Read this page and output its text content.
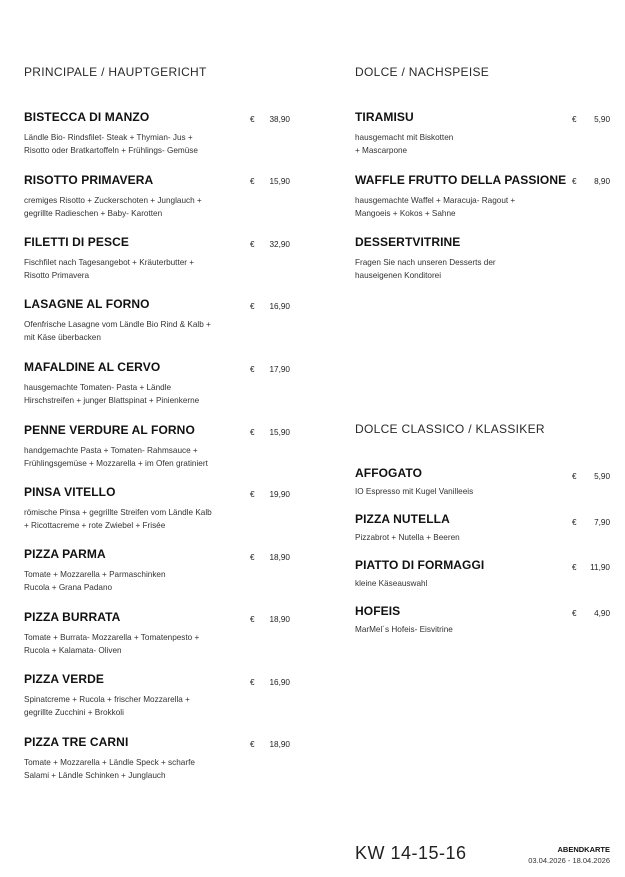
PRINCIPALE / HAUPTGERICHT
BISTECCA DI MANZO
Ländle Bio- Rindsfilet- Steak + Thymian- Jus +
Risotto oder Bratkartoffeln + Frühlings- Gemüse
€	38,90
RISOTTO PRIMAVERA
cremiges Risotto + Zuckerschoten + Junglauch +
gegrillte Radieschen + Baby- Karotten
€	15,90
FILETTI DI PESCE
Fischfilet nach Tagesangebot + Kräuterbutter +
Risotto Primavera
€	32,90
LASAGNE AL FORNO
Ofenfrische Lasagne vom Ländle Bio Rind & Kalb +
mit Käse überbacken
€	16,90
MAFALDINE AL CERVO
hausgemachte Tomaten- Pasta + Ländle
Hirschstreifen + junger Blattspinat + Pinienkerne
€	17,90
PENNE VERDURE AL FORNO
handgemachte Pasta + Tomaten- Rahmsauce +
Frühlingsgemüse + Mozzarella + im Ofen gratiniert
€	15,90
PINSA VITELLO
römische Pinsa + gegrillte Streifen vom Ländle Kalb
+ Ricottacreme + rote Zwiebel + Frisée
€	19,90
PIZZA PARMA
Tomate + Mozzarella + Parmaschinken
Rucola + Grana Padano
€	18,90
PIZZA BURRATA
Tomate + Burrata- Mozzarella + Tomatenpesto +
Rucola + Kalamata- Oliven
€	18,90
PIZZA VERDE
Spinatcreme + Rucola + frischer Mozzarella +
gegrillte Zucchini + Brokkoli
€	16,90
PIZZA TRE CARNI
Tomate + Mozzarella + Ländle Speck + scharfe
Salami + Ländle Schinken + Junglauch
€	18,90
DOLCE / NACHSPEISE
TIRAMISU
hausgemacht mit Biskotten
+ Mascarpone
€	5,90
WAFFLE FRUTTO DELLA PASSIONE
hausgemachte Waffel + Maracuja- Ragout +
Mangoeis + Kokos + Sahne
€	8,90
DESSERTVITRINE
Fragen Sie nach unseren Desserts der
hauseigenen Konditorei
DOLCE CLASSICO / KLASSIKER
AFFOGATO
IO Espresso mit Kugel Vanilleeis
€	5,90
PIZZA NUTELLA
Pizzabrot + Nutella + Beeren
€	7,90
PIATTO DI FORMAGGI
kleine Käseauswahl
€	11,90
HOFEIS
MarMel´s Hofeis- Eisvitrine
€	4,90
KW 14-15-16	ABENDKARTE
03.04.2026 - 18.04.2026
